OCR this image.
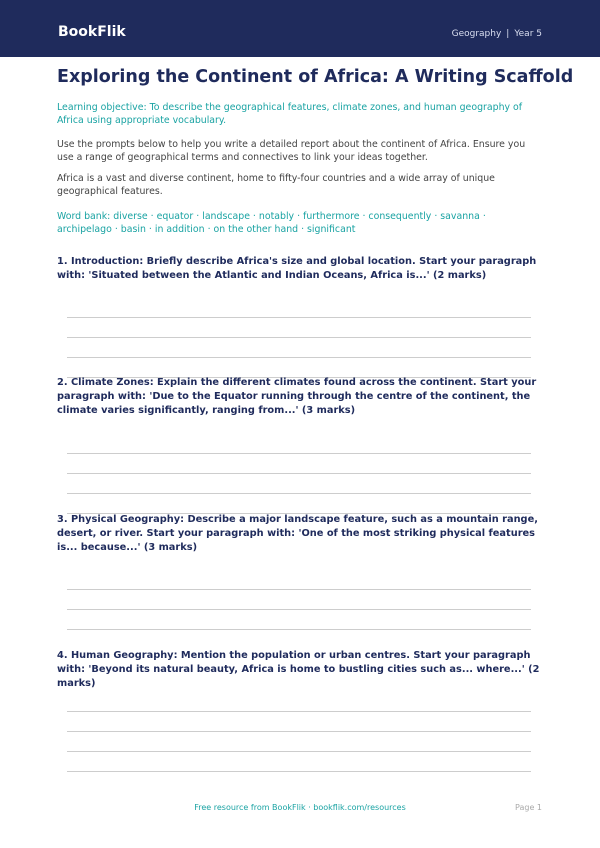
BookFlik	Geography | Year 5
Exploring the Continent of Africa: A Writing Scaffold

Learning objective: To describe the geographical features, climate zones, and human geography of Africa using appropriate vocabulary.

Use the prompts below to help you write a detailed report about the continent of Africa. Ensure you use a range of geographical terms and connectives to link your ideas together.

Africa is a vast and diverse continent, home to fifty-four countries and a wide array of unique geographical features.

Word bank: diverse · equator · landscape · notably · furthermore · consequently · savanna · archipelago · basin · in addition · on the other hand · significant

1. Introduction: Briefly describe Africa's size and global location. Start your paragraph with: 'Situated between the Atlantic and Indian Oceans, Africa is...' (2 marks)

2. Climate Zones: Explain the different climates found across the continent. Start your paragraph with: 'Due to the Equator running through the centre of the continent, the climate varies significantly, ranging from...' (3 marks)

3. Physical Geography: Describe a major landscape feature, such as a mountain range, desert, or river. Start your paragraph with: 'One of the most striking physical features is... because...' (3 marks)

4. Human Geography: Mention the population or urban centres. Start your paragraph with: 'Beyond its natural beauty, Africa is home to bustling cities such as... where...' (2 marks)

Free resource from BookFlik · bookflik.com/resources	Page 1
